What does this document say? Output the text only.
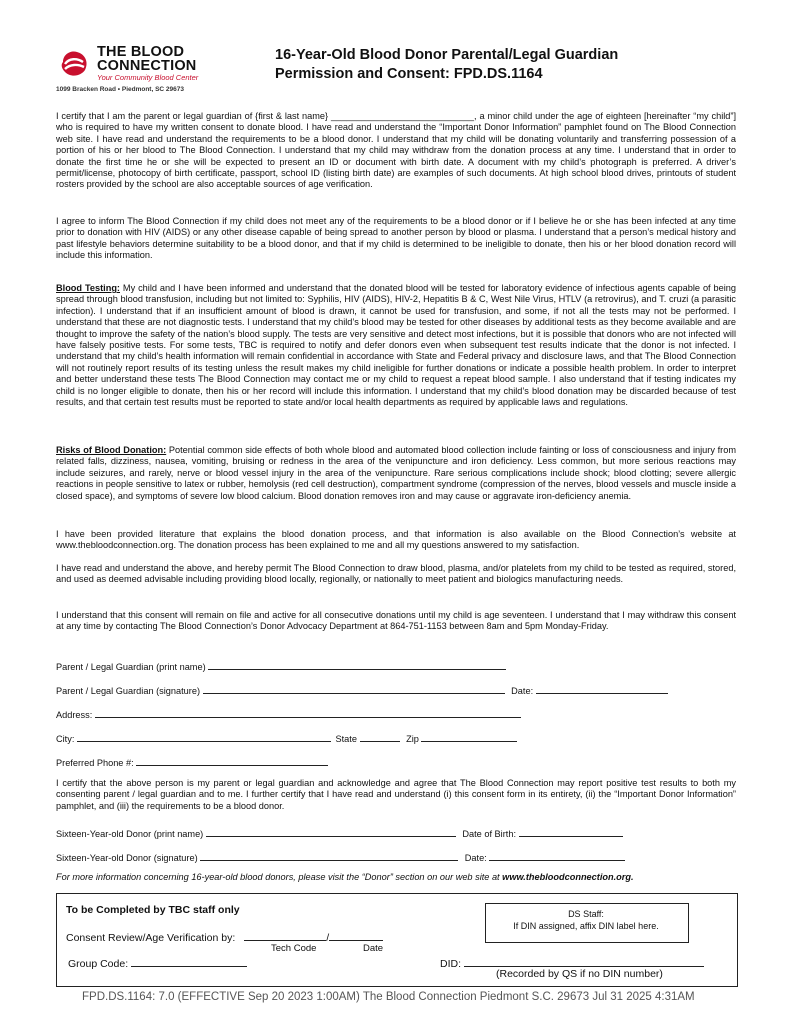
THE BLOOD
CONNECTION
Your Community Blood Center
1099 Bracken Road • Piedmont, SC 29673
16-Year-Old Blood Donor Parental/Legal Guardian
Permission and Consent: FPD.DS.1164

I certify that I am the parent or legal guardian of {first & last name} ____________________________, a minor child under the age of eighteen [hereinafter “my child”] who is required to have my written consent to donate blood. I have read and understand the “Important Donor Information” pamphlet found on The Blood Connection web site. I have read and understand the requirements to be a blood donor. I understand that my child will be donating voluntarily and transferring possession of a portion of his or her blood to The Blood Connection. I understand that my child may withdraw from the donation process at any time. I understand that in order to donate the first time he or she will be expected to present an ID or document with birth date. A document with my child’s photograph is preferred. A driver’s permit/license, photocopy of birth certificate, passport, school ID (listing birth date) are examples of such documents. At high school blood drives, printouts of student rosters provided by the school are also acceptable sources of age verification.

I agree to inform The Blood Connection if my child does not meet any of the requirements to be a blood donor or if I believe he or she has been infected at any time prior to donation with HIV (AIDS) or any other disease capable of being spread to another person by blood or plasma. I understand that a person’s medical history and past lifestyle behaviors determine suitability to be a blood donor, and that if my child is determined to be ineligible to donate, then his or her blood donation record will include this information.

Blood Testing: My child and I have been informed and understand that the donated blood will be tested for laboratory evidence of infectious agents capable of being spread through blood transfusion, including but not limited to: Syphilis, HIV (AIDS), HIV-2, Hepatitis B & C, West Nile Virus, HTLV (a retrovirus), and T. cruzi (a parasitic infection). I understand that if an insufficient amount of blood is drawn, it cannot be used for transfusion, and some, if not all the tests may not be performed. I understand that these are not diagnostic tests. I understand that my child’s blood may be tested for other diseases by additional tests as they become available and are thought to improve the safety of the nation’s blood supply. The tests are very sensitive and detect most infections, but it is possible that donors who are not infected will have falsely positive tests. For some tests, TBC is required to notify and defer donors even when subsequent test results indicate that the donor is not infected. I understand that my child’s health information will remain confidential in accordance with State and Federal privacy and disclosure laws, and that The Blood Connection will not routinely report results of its testing unless the result makes my child ineligible for further donations or indicate a possible health problem. In order to interpret and better understand these tests The Blood Connection may contact me or my child to request a repeat blood sample. I also understand that if testing indicates my child is no longer eligible to donate, then his or her record will include this information. I understand that my child’s blood donation may be discarded because of test results, and that certain test results must be reported to state and/or local health departments as required by applicable laws and regulations.

Risks of Blood Donation: Potential common side effects of both whole blood and automated blood collection include fainting or loss of consciousness and injury from related falls, dizziness, nausea, vomiting, bruising or redness in the area of the venipuncture and iron deficiency. Less common, but more serious reactions may include seizures, and rarely, nerve or blood vessel injury in the area of the venipuncture. Rare serious complications include shock; blood clotting; severe allergic reactions in people sensitive to latex or rubber, hemolysis (red cell destruction), compartment syndrome (compression of the nerves, blood vessels and muscle inside a closed space), and symptoms of severe low blood calcium. Blood donation removes iron and may cause or aggravate iron-deficiency anemia.

I have been provided literature that explains the blood donation process, and that information is also available on the Blood Connection’s website at www.thebloodconnection.org. The donation process has been explained to me and all my questions answered to my satisfaction.

I have read and understand the above, and hereby permit The Blood Connection to draw blood, plasma, and/or platelets from my child to be tested as required, stored, and used as deemed advisable including providing blood locally, regionally, or nationally to meet patient and biologics manufacturing needs.

I understand that this consent will remain on file and active for all consecutive donations until my child is age seventeen. I understand that I may withdraw this consent at any time by contacting The Blood Connection’s Donor Advocacy Department at 864-751-1153 between 8am and 5pm Monday-Friday.

Parent / Legal Guardian (print name)
Parent / Legal Guardian (signature)	Date:
Address:
City:	State	Zip
Preferred Phone #:

I certify that the above person is my parent or legal guardian and acknowledge and agree that The Blood Connection may report positive test results to both my consenting parent / legal guardian and to me. I further certify that I have read and understand (i) this consent form in its entirety, (ii) the “Important Donor Information” pamphlet, and (iii) the requirements to be a blood donor.

Sixteen-Year-old Donor (print name)	Date of Birth:
Sixteen-Year-old Donor (signature)	Date:
For more information concerning 16-year-old blood donors, please visit the “Donor” section on our web site at www.thebloodconnection.org.
To be Completed by TBC staff only	DS Staff:
If DIN assigned, affix DIN label here.
Consent Review/Age Verification by:	/
Tech Code	Date
Group Code:	DID:
(Recorded by QS if no DIN number)
FPD.DS.1164: 7.0 (EFFECTIVE Sep 20 2023 1:00AM) The Blood Connection Piedmont S.C. 29673 Jul 31 2025 4:31AM
